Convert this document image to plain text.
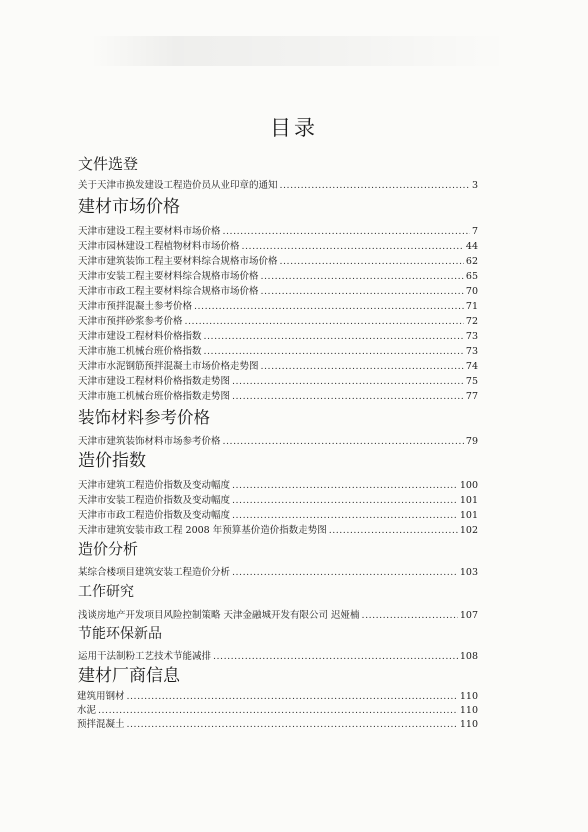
目录
文件选登
关于天津市换发建设工程造价员从业印章的通知 .....	3
建材市场价格
天津市建设工程主要材料市场价格 .....	7
天津市园林建设工程植物材料市场价格 .....	44
天津市建筑装饰工程主要材料综合规格市场价格 .....	62
天津市安装工程主要材料综合规格市场价格 .....	65
天津市市政工程主要材料综合规格市场价格 .....	70
天津市预拌混凝土参考价格 .....	71
天津市预拌砂浆参考价格 .....	72
天津市建设工程材料价格指数 .....	73
天津市施工机械台班价格指数 .....	73
天津市水泥钢筋预拌混凝土市场价格走势图 .....	74
天津市建设工程材料价格指数走势图 .....	75
天津市施工机械台班价格指数走势图 .....	77
装饰材料参考价格
天津市建筑装饰材料市场参考价格 .....	79
造价指数
天津市建筑工程造价指数及变动幅度 .....	100
天津市安装工程造价指数及变动幅度 .....	101
天津市市政工程造价指数及变动幅度 .....	101
天津市建筑安装市政工程 2008 年预算基价造价指数走势图 .....	102
造价分析
某综合楼项目建筑安装工程造价分析 .....	103
工作研究
浅谈房地产开发项目风险控制策略 天津金融城开发有限公司 迟娅楠 .....	107
节能环保新品
运用干法制粉工艺技术节能减排 .....	108
建材厂商信息
建筑用钢材 .....	110
水泥 .....	110
预拌混凝土 .....	110
